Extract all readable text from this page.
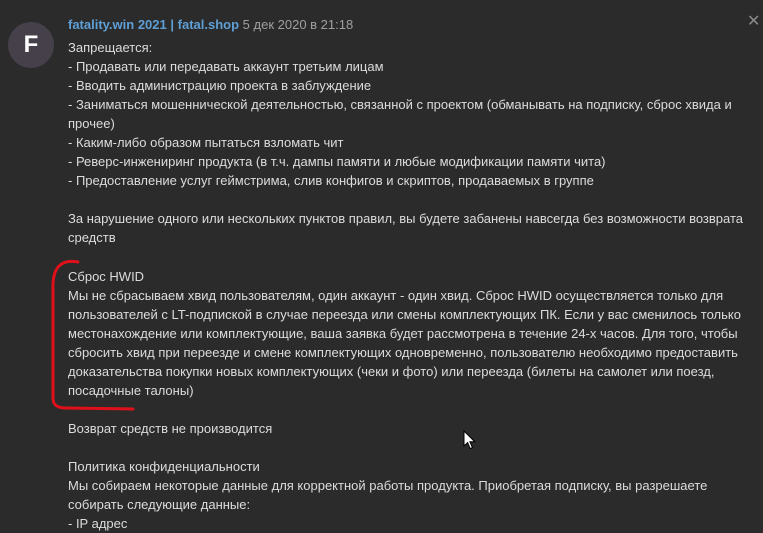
F
fatality.win 2021 | fatal.shop 5 дек 2020 в 21:18	✕
Запрещается:
- Продавать или передавать аккаунт третьим лицам
- Вводить администрацию проекта в заблуждение
- Заниматься мошеннической деятельностью, связанной с проектом (обманывать на подписку, сброс хвида и
прочее)
- Каким-либо образом пытаться взломать чит
- Реверс-инжениринг продукта (в т.ч. дампы памяти и любые модификации памяти чита)
- Предоставление услуг геймстрима, слив конфигов и скриптов, продаваемых в группе
За нарушение одного или нескольких пунктов правил, вы будете забанены навсегда без возможности возврата
средств
Сброс HWID
Мы не сбрасываем хвид пользователям, один аккаунт - один хвид. Сброс HWID осуществляется только для
пользователей с LT-подпиской в случае переезда или смены комплектующих ПК. Если у вас сменилось только
местонахождение или комплектующие, ваша заявка будет рассмотрена в течение 24-х часов. Для того, чтобы
сбросить хвид при переезде и смене комплектующих одновременно, пользователю необходимо предоставить
доказательства покупки новых комплектующих (чеки и фото) или переезда (билеты на самолет или поезд,
посадочные талоны)
Возврат средств не производится
Политика конфиденциальности
Мы собираем некоторые данные для корректной работы продукта. Приобретая подписку, вы разрешаете
собирать следующие данные:
- IP адрес
